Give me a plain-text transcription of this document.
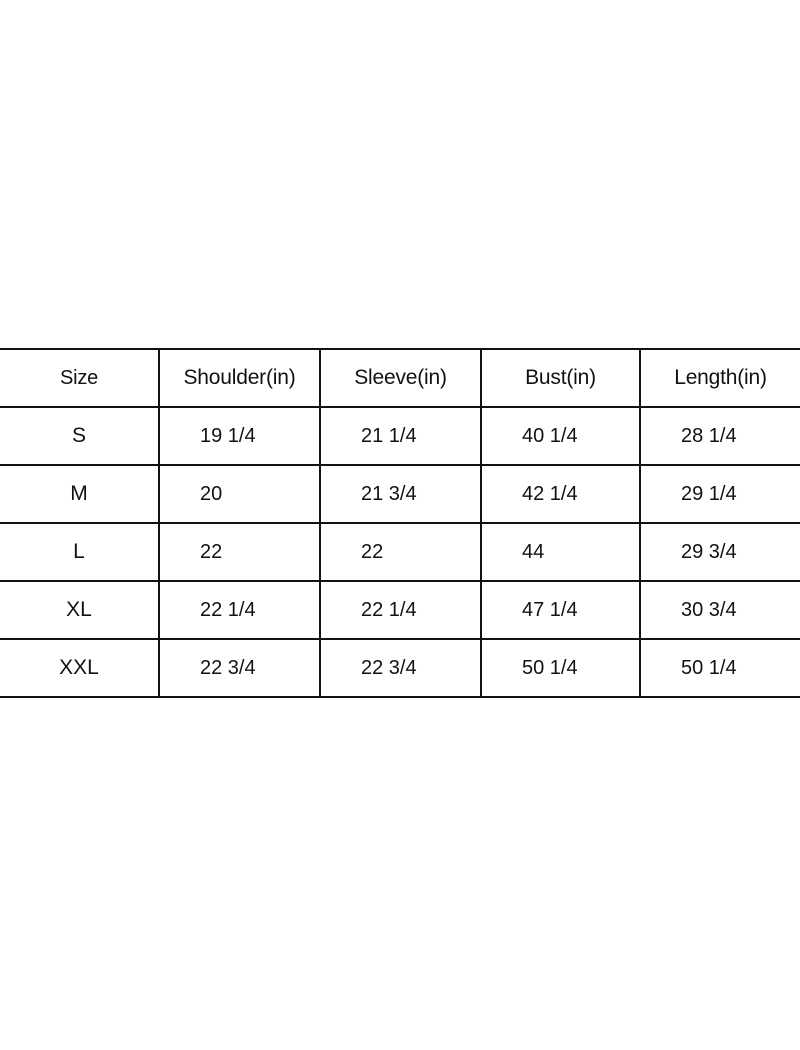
Size	Shoulder(in)	Sleeve(in)	Bust(in)	Length(in)
S	19 1/4	21 1/4	40 1/4	28 1/4
M	20	21 3/4	42 1/4	29 1/4
L	22	22	44	29 3/4
XL	22 1/4	22 1/4	47 1/4	30 3/4
XXL	22 3/4	22 3/4	50 1/4	50 1/4
